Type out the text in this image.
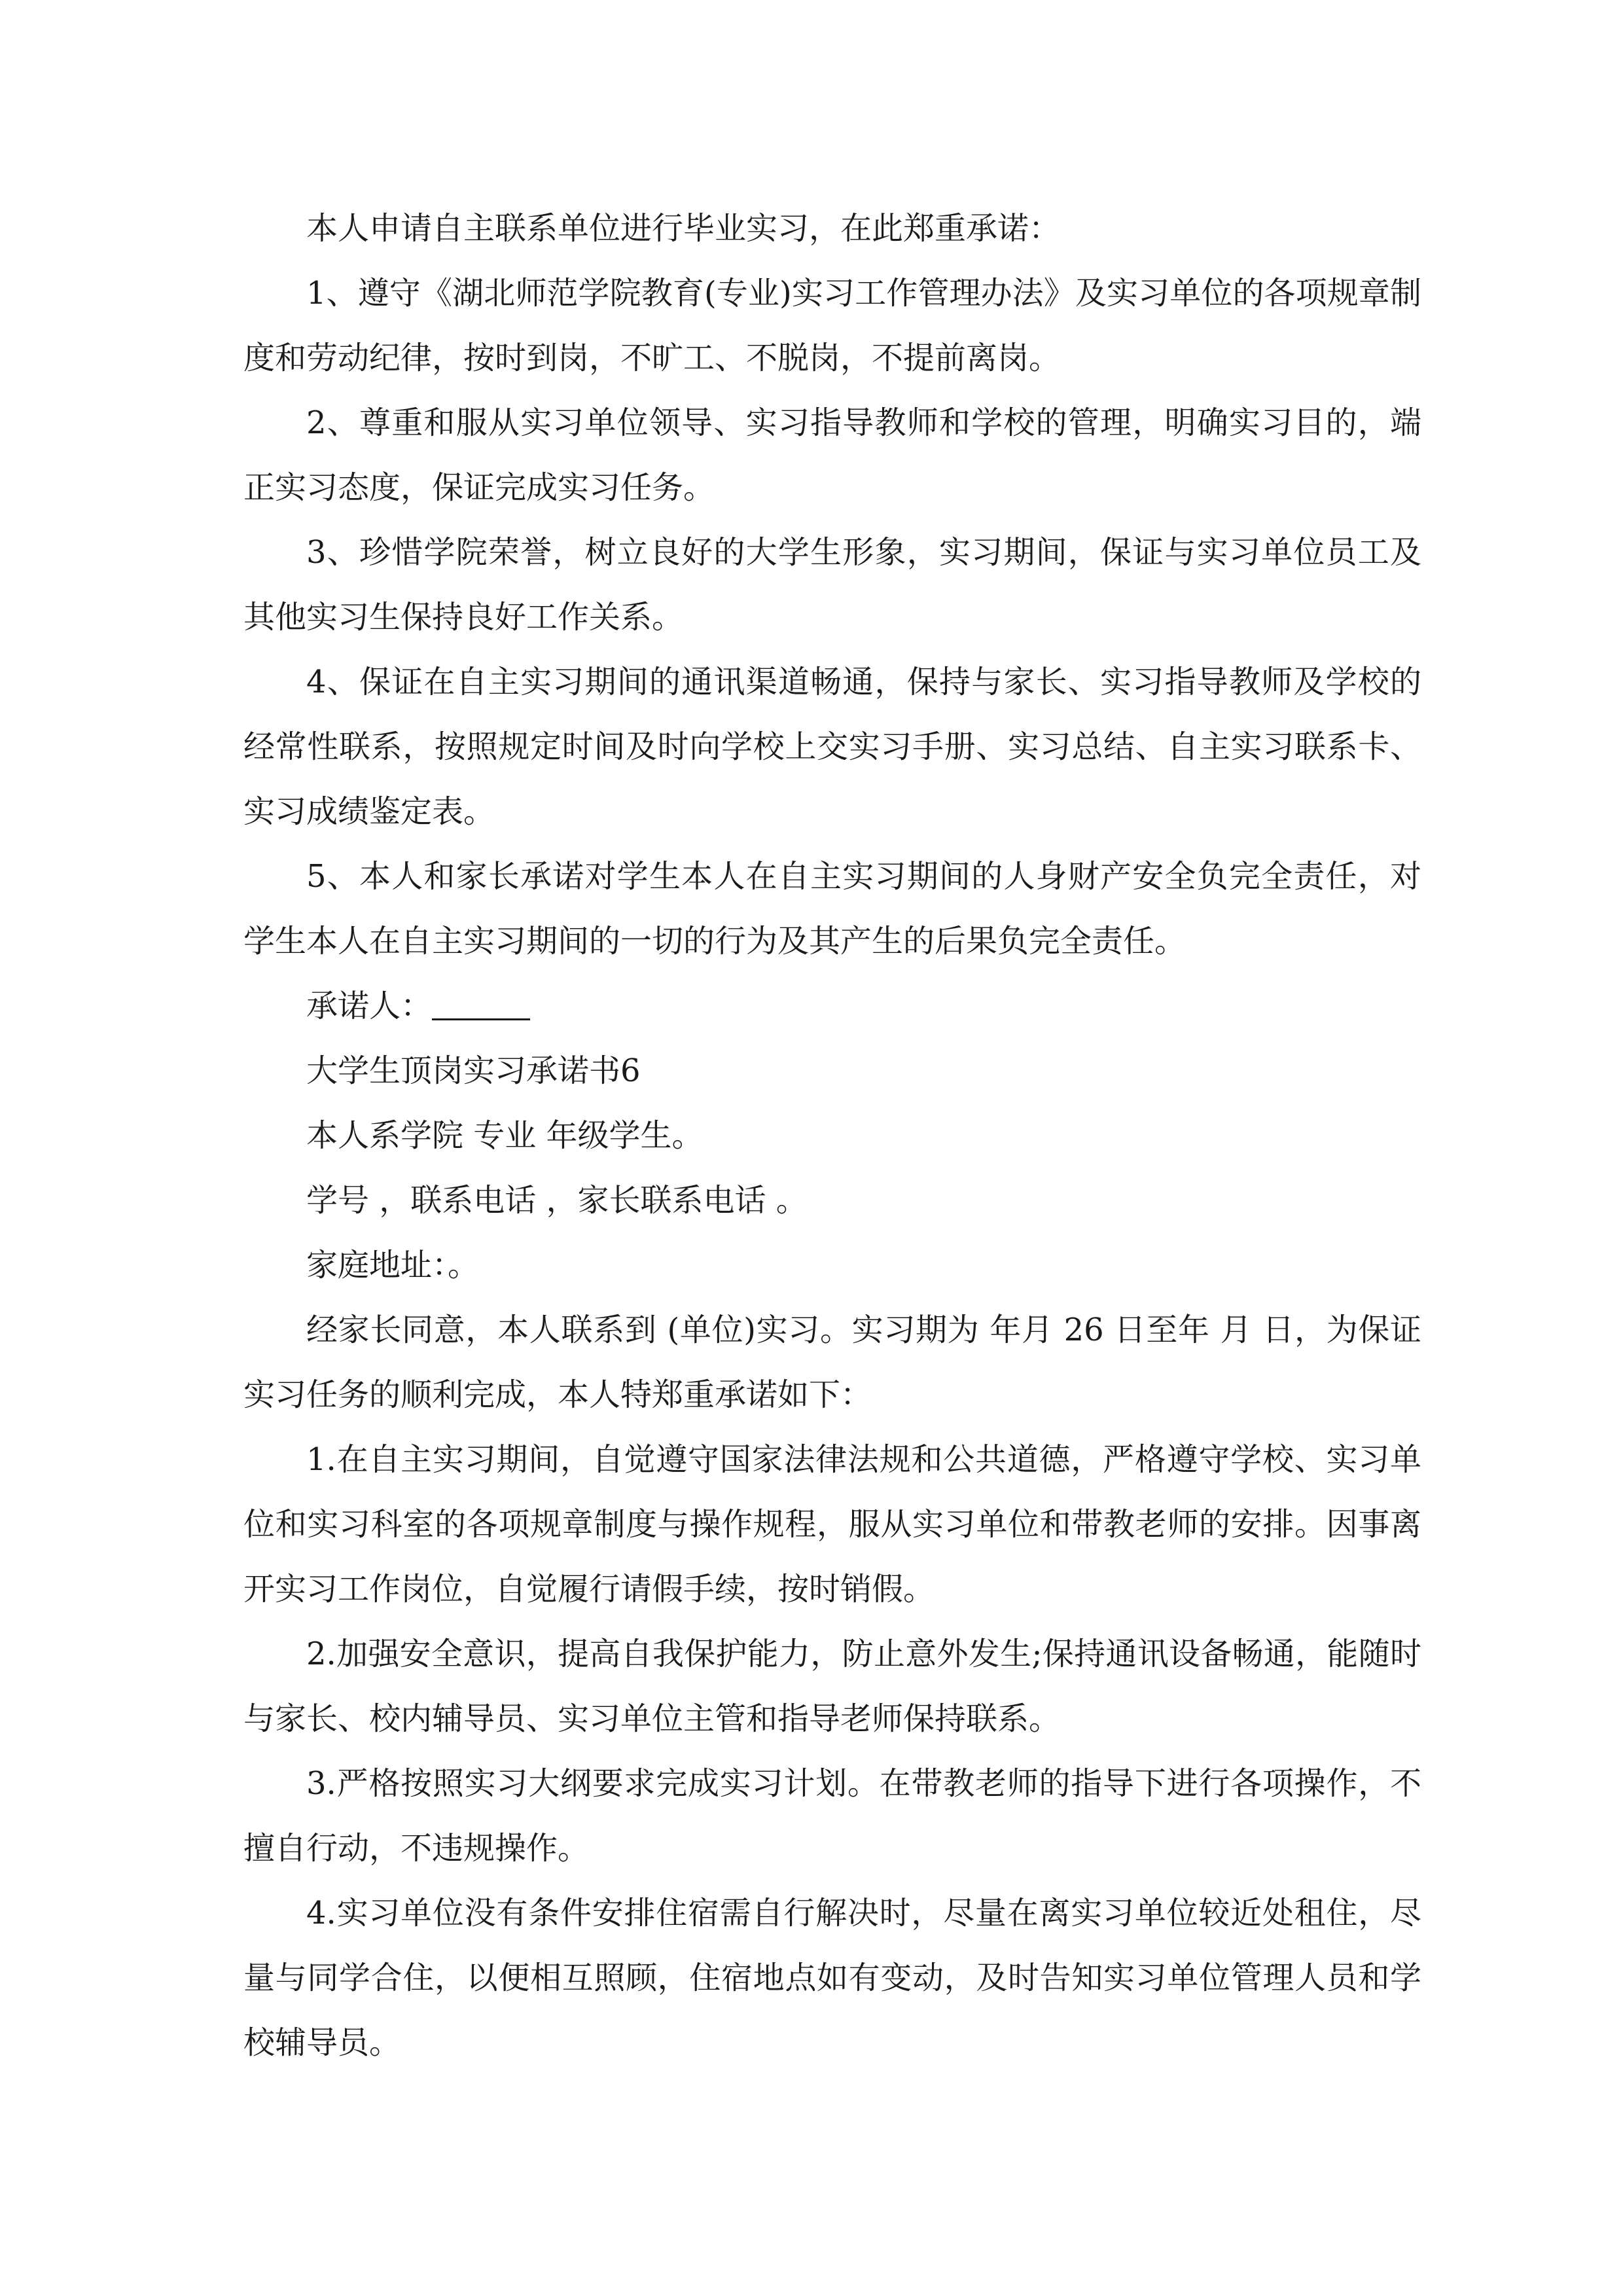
本人申请自主联系单位进行毕业实习，在此郑重承诺：

1、遵守《湖北师范学院教育(专业)实习工作管理办法》及实习单位的各项规章制度和劳动纪律，按时到岗，不旷工、不脱岗，不提前离岗。

2、尊重和服从实习单位领导、实习指导教师和学校的管理，明确实习目的，端正实习态度，保证完成实习任务。

3、珍惜学院荣誉，树立良好的大学生形象，实习期间，保证与实习单位员工及其他实习生保持良好工作关系。

4、保证在自主实习期间的通讯渠道畅通，保持与家长、实习指导教师及学校的经常性联系，按照规定时间及时向学校上交实习手册、实习总结、自主实习联系卡、实习成绩鉴定表。

5、本人和家长承诺对学生本人在自主实习期间的人身财产安全负完全责任，对学生本人在自主实习期间的一切的行为及其产生的后果负完全责任。

承诺人：

大学生顶岗实习承诺书6

本人系学院 专业 年级学生。

学号 ，联系电话 ，家长联系电话 。

家庭地址：。

经家长同意，本人联系到 (单位)实习。实习期为 年月 26 日至年 月 日，为保证实习任务的顺利完成，本人特郑重承诺如下：

1.在自主实习期间，自觉遵守国家法律法规和公共道德，严格遵守学校、实习单位和实习科室的各项规章制度与操作规程，服从实习单位和带教老师的安排。因事离开实习工作岗位，自觉履行请假手续，按时销假。

2.加强安全意识，提高自我保护能力，防止意外发生;保持通讯设备畅通，能随时与家长、校内辅导员、实习单位主管和指导老师保持联系。

3.严格按照实习大纲要求完成实习计划。在带教老师的指导下进行各项操作，不擅自行动，不违规操作。

4.实习单位没有条件安排住宿需自行解决时，尽量在离实习单位较近处租住，尽量与同学合住，以便相互照顾，住宿地点如有变动，及时告知实习单位管理人员和学校辅导员。
